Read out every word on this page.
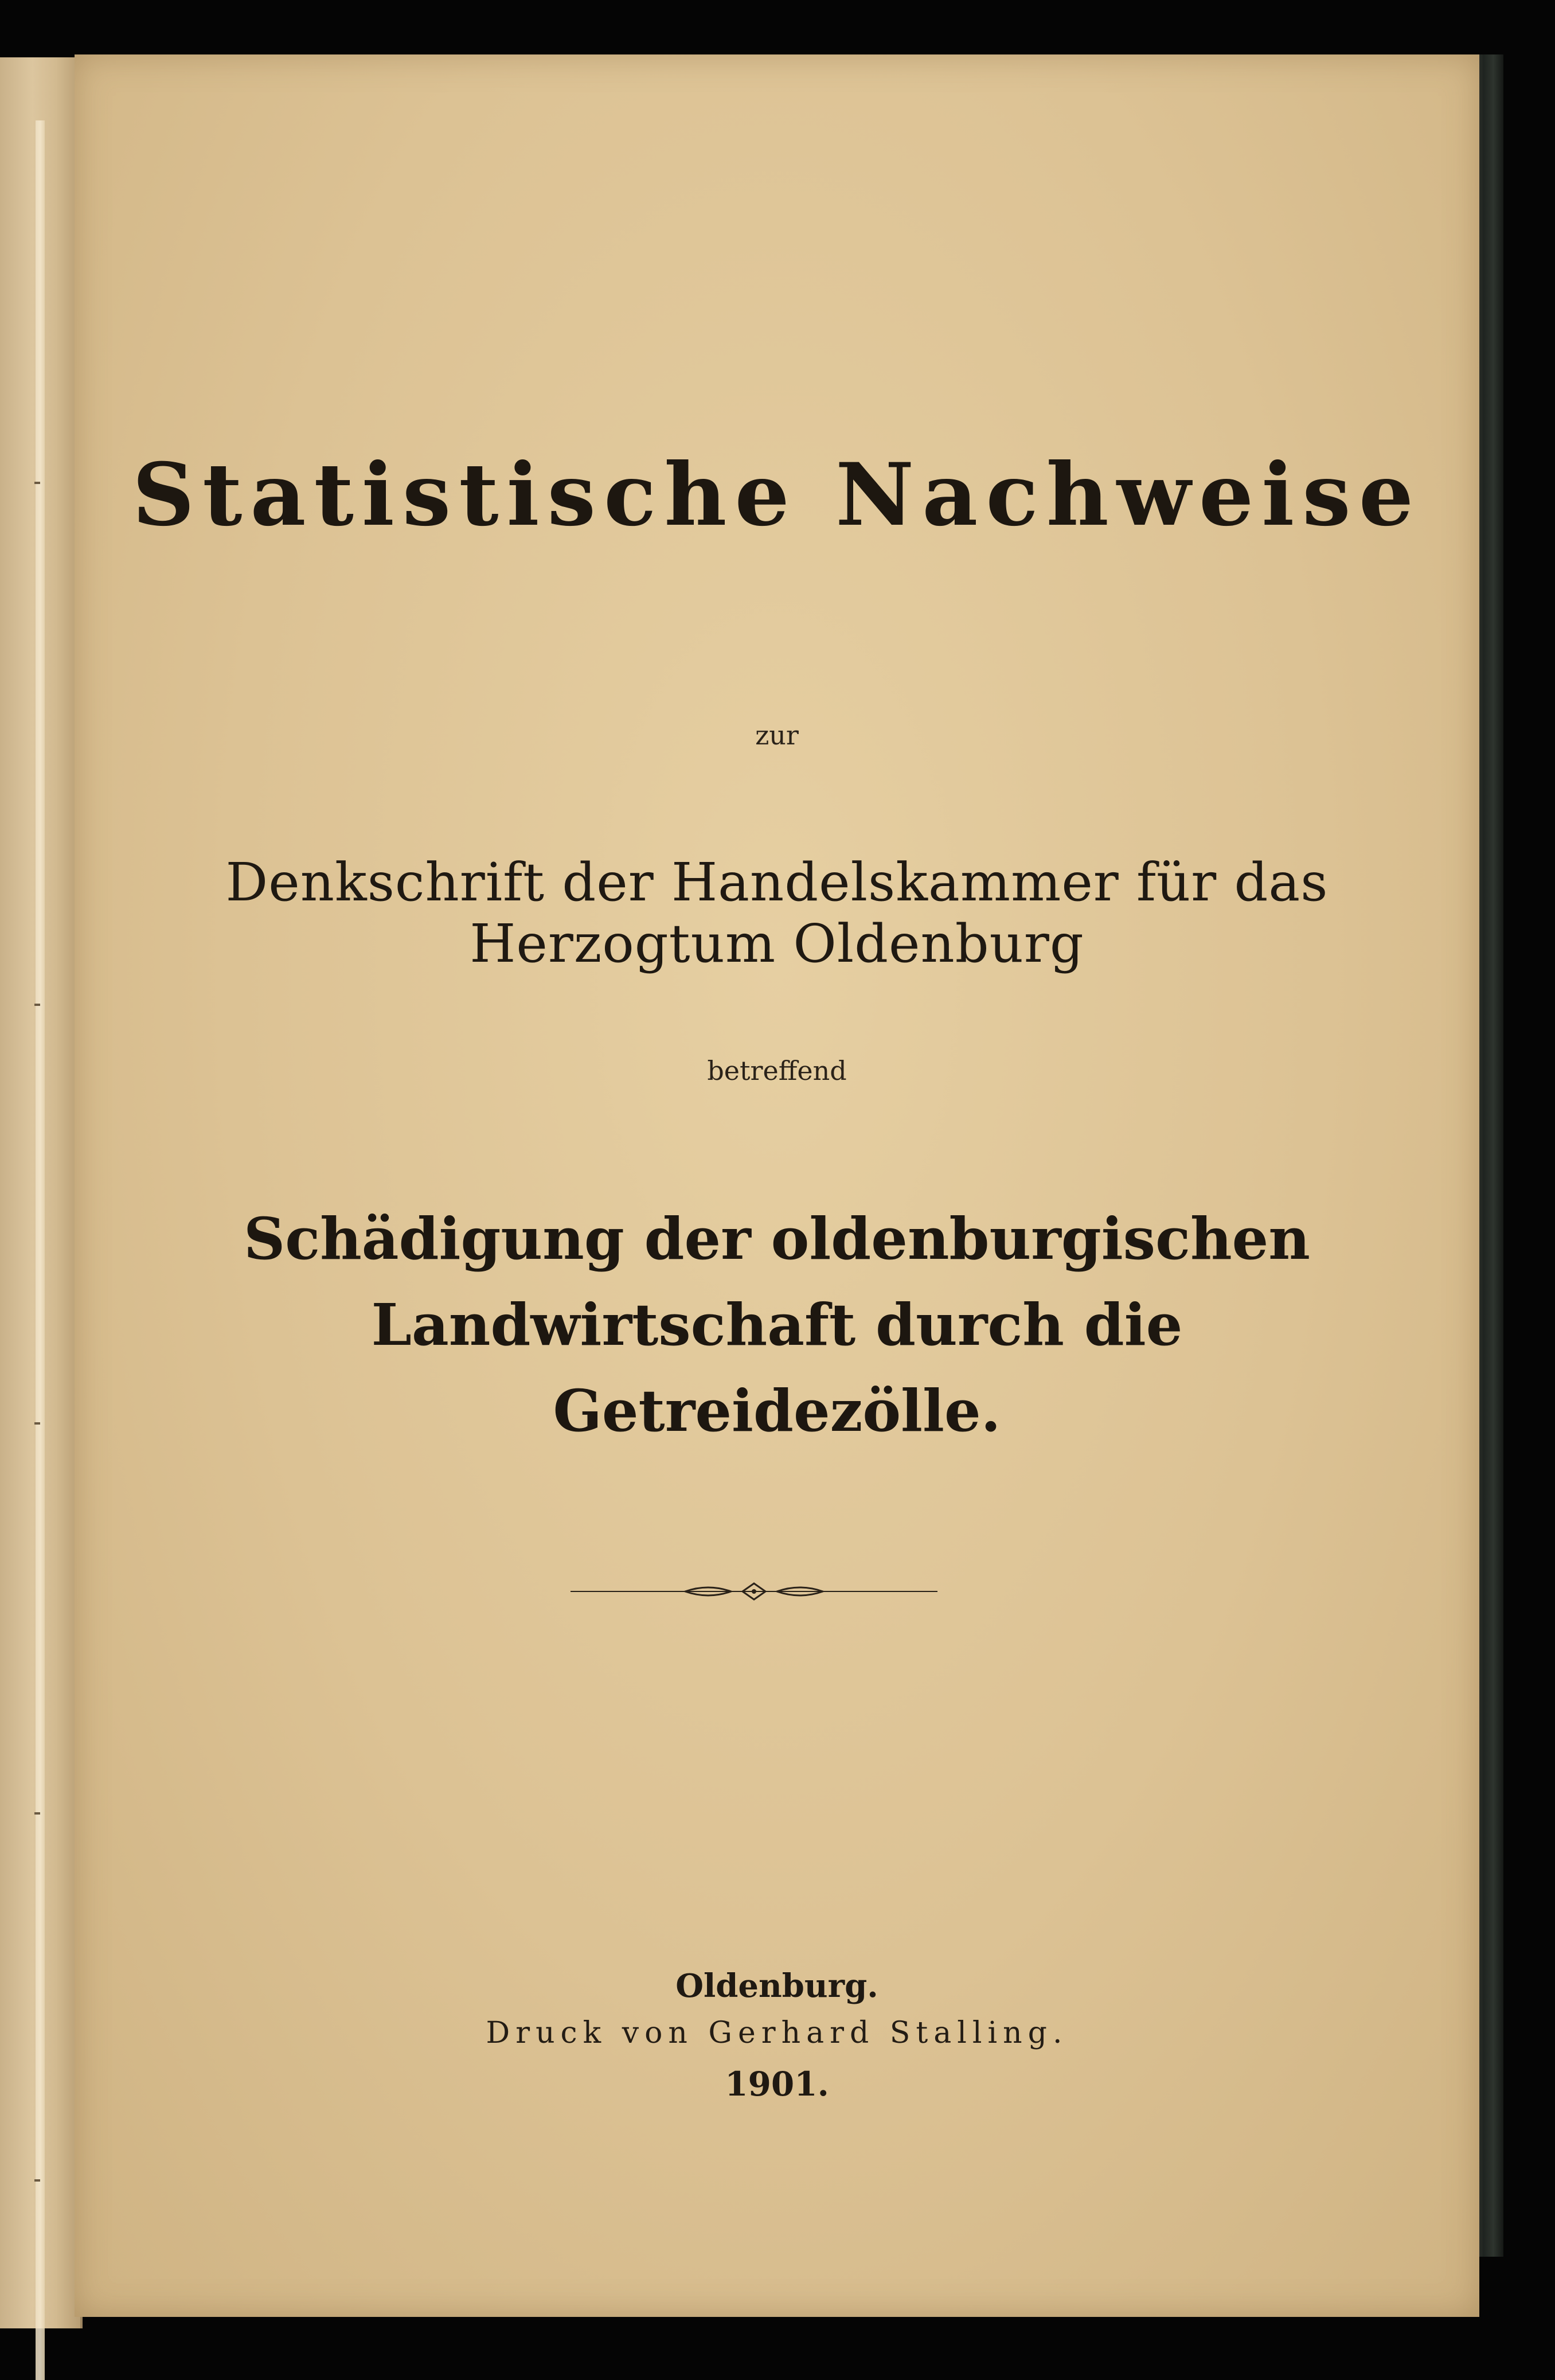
Statistische Nachweise
zur
Denkschrift der Handelskammer für das Herzogtum Oldenburg
betreffend
Schädigung der oldenburgischen Landwirtschaft durch die
Getreidezölle.
Oldenburg.
Druck von Gerhard Stalling.
1901.
